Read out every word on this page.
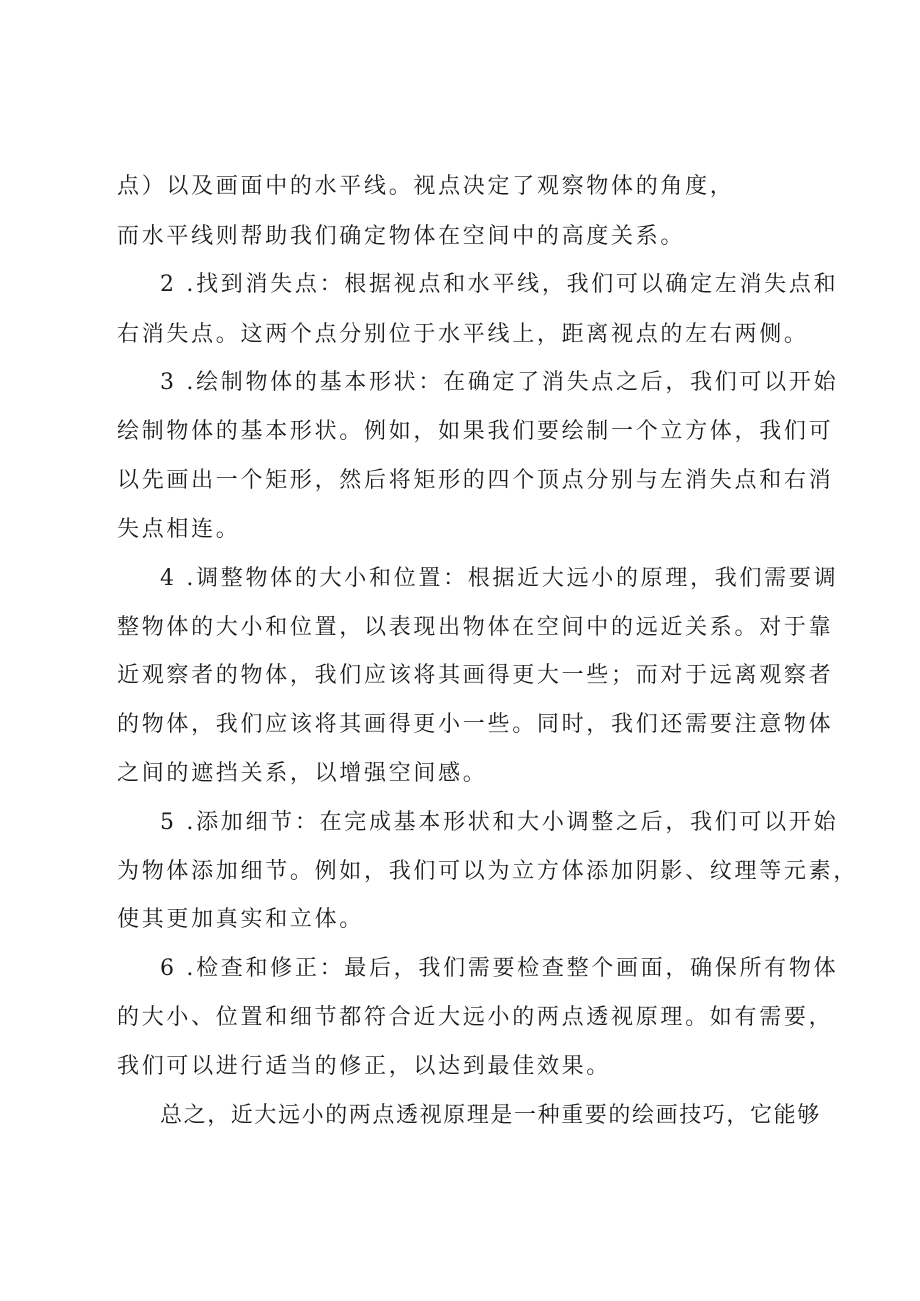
点）以及画面中的水平线。视点决定了观察物体的角度，

而水平线则帮助我们确定物体在空间中的高度关系。

2 .找到消失点：根据视点和水平线，我们可以确定左消失点和

右消失点。这两个点分别位于水平线上，距离视点的左右两侧。

3 .绘制物体的基本形状：在确定了消失点之后，我们可以开始

绘制物体的基本形状。例如，如果我们要绘制一个立方体，我们可

以先画出一个矩形，然后将矩形的四个顶点分别与左消失点和右消

失点相连。

4 .调整物体的大小和位置：根据近大远小的原理，我们需要调

整物体的大小和位置，以表现出物体在空间中的远近关系。对于靠

近观察者的物体，我们应该将其画得更大一些；而对于远离观察者

的物体，我们应该将其画得更小一些。同时，我们还需要注意物体

之间的遮挡关系，以增强空间感。

5 .添加细节：在完成基本形状和大小调整之后，我们可以开始

为物体添加细节。例如，我们可以为立方体添加阴影、纹理等元素，

使其更加真实和立体。

6 .检查和修正：最后，我们需要检查整个画面，确保所有物体

的大小、位置和细节都符合近大远小的两点透视原理。如有需要，

我们可以进行适当的修正，以达到最佳效果。

总之，近大远小的两点透视原理是一种重要的绘画技巧，它能够
